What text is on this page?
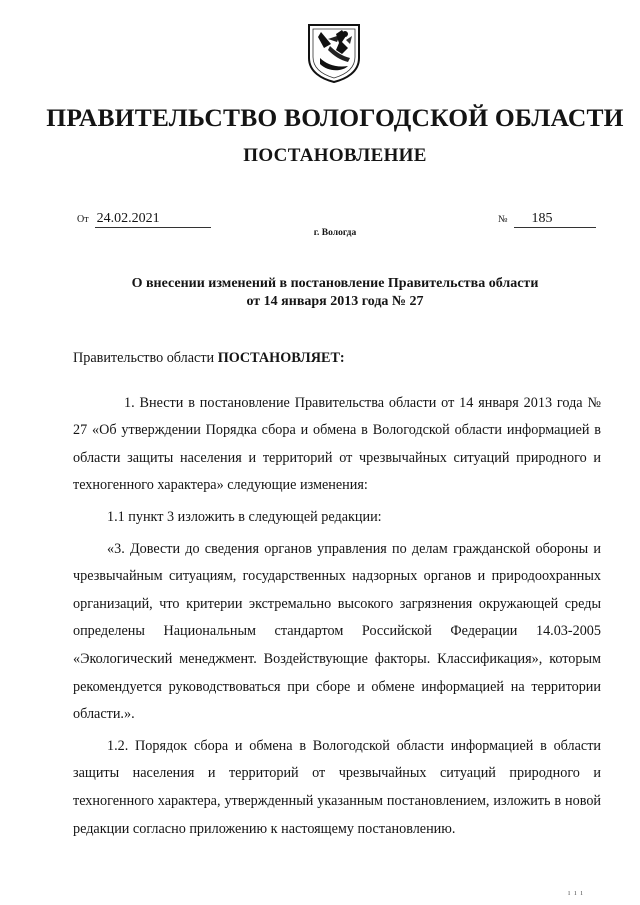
ПРАВИТЕЛЬСТВО ВОЛОГОДСКОЙ ОБЛАСТИ
ПОСТАНОВЛЕНИЕ
От 24.02.2021	№ 185
г. Вологда
О внесении изменений в постановление Правительства области
от 14 января 2013 года № 27

Правительство области ПОСТАНОВЛЯЕТ:

1. Внести в постановление Правительства области от 14 января 2013 года № 27 «Об утверждении Порядка сбора и обмена в Вологодской области информацией в области защиты населения и территорий от чрезвычайных ситуаций природного и техногенного характера» следующие изменения:

1.1 пункт 3 изложить в следующей редакции:

«3. Довести до сведения органов управления по делам гражданской обороны и чрезвычайным ситуациям, государственных надзорных органов и природоохранных организаций, что критерии экстремально высокого загрязнения окружающей среды определены Национальным стандартом Российской Федерации 14.03-2005 «Экологический менеджмент. Воздействующие факторы. Классификация», которым рекомендуется руководствоваться при сборе и обмене информацией на территории области.».

1.2. Порядок сбора и обмена в Вологодской области информацией в области защиты населения и территорий от чрезвычайных ситуаций природного и техногенного характера, утвержденный указанным постановлением, изложить в новой редакции согласно приложению к настоящему постановлению.

ı ı ı
